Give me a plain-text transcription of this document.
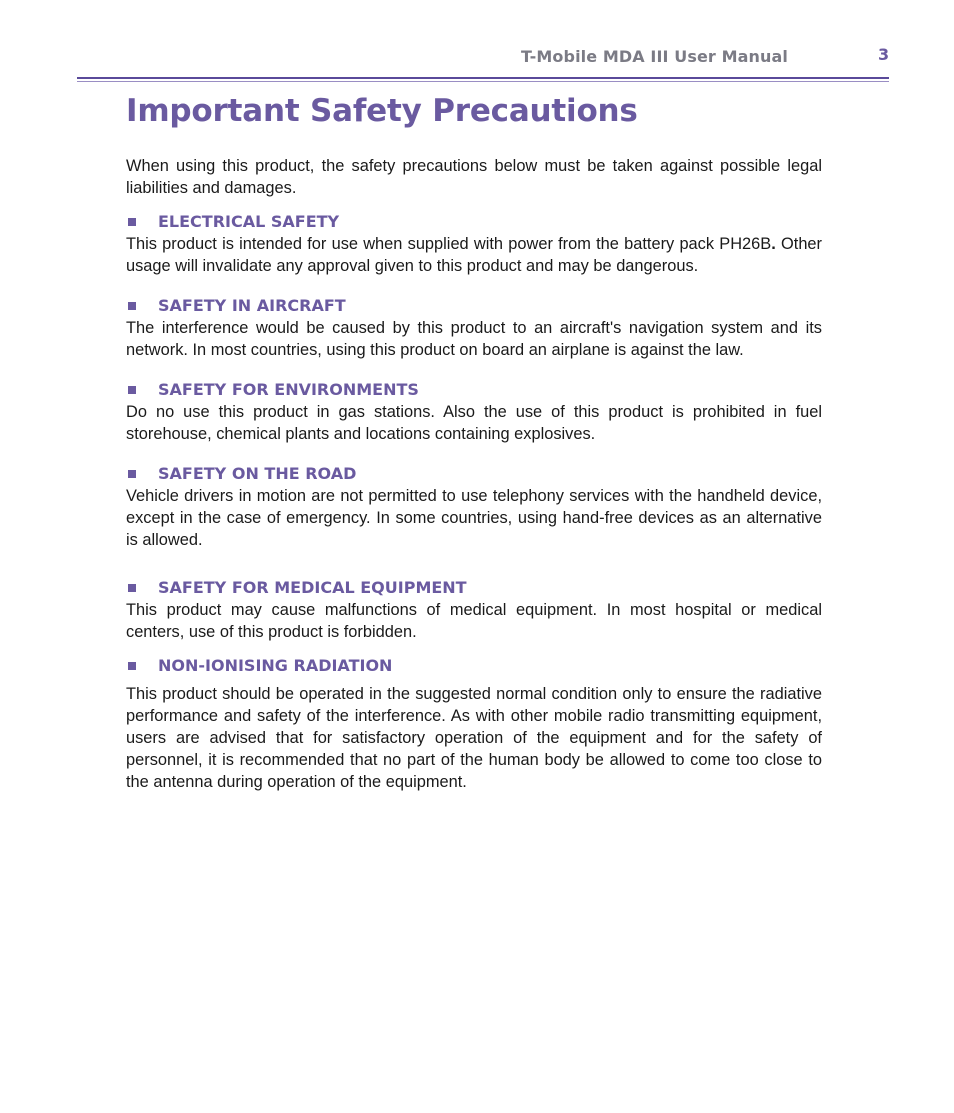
T-Mobile MDA III User Manual	3
Important Safety Precautions

When using this product, the safety precautions below must be taken against possible legal liabilities and damages.

ELECTRICAL SAFETY

This product is intended for use when supplied with power from the battery pack PH26B. Other usage will invalidate any approval given to this product and may be dangerous.

SAFETY IN AIRCRAFT

The interference would be caused by this product to an aircraft's navigation system and its network. In most countries, using this product on board an airplane is against the law.

SAFETY FOR ENVIRONMENTS

Do no use this product in gas stations. Also the use of this product is prohibited in fuel storehouse, chemical plants and locations containing explosives.

SAFETY ON THE ROAD

Vehicle drivers in motion are not permitted to use telephony services with the handheld device, except in the case of emergency. In some countries, using hand-free devices as an alternative is allowed.

SAFETY FOR MEDICAL EQUIPMENT

This product may cause malfunctions of medical equipment. In most hospital or medical centers, use of this product is forbidden.

NON-IONISING RADIATION

This product should be operated in the suggested normal condition only to ensure the radiative performance and safety of the interference. As with other mobile radio transmitting equipment, users are advised that for satisfactory operation of the equipment and for the safety of personnel, it is recommended that no part of the human body be allowed to come too close to the antenna during operation of the equipment.
